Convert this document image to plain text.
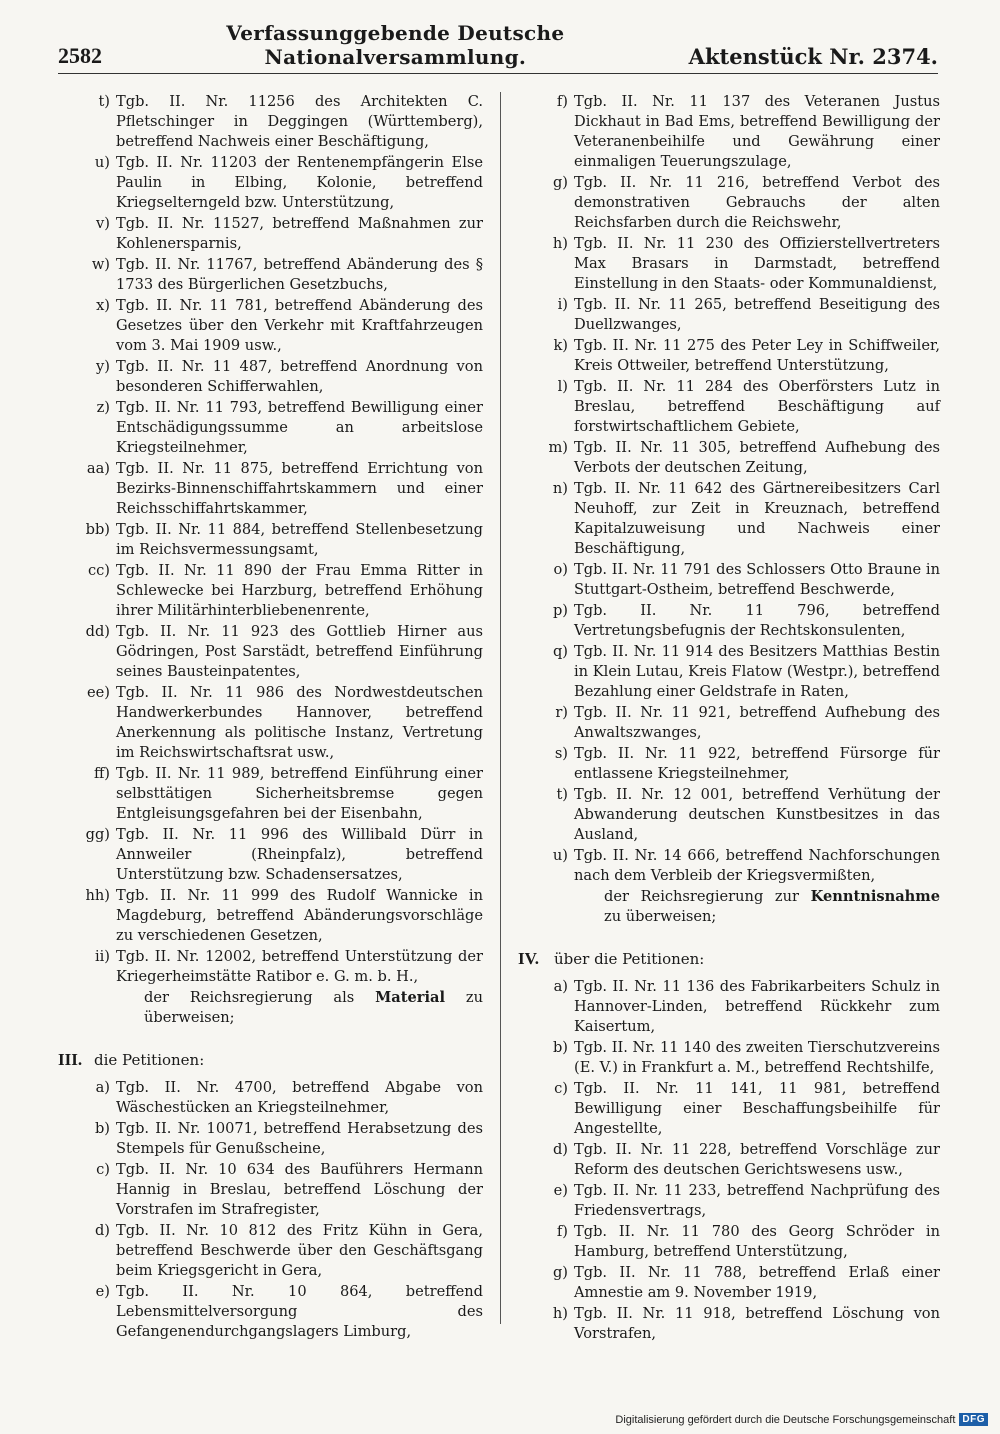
2582
Verfassunggebende Deutsche Nationalversammlung.	Aktenstück Nr. 2374.
t) Tgb. II. Nr. 11256 des Architekten C. Pfletschinger in Deggingen (Württemberg), betreffend Nachweis einer Beschäftigung,
u) Tgb. II. Nr. 11203 der Rentenempfängerin Else Paulin in Elbing, Kolonie, betreffend Kriegselterngeld bzw. Unterstützung,
v) Tgb. II. Nr. 11527, betreffend Maßnahmen zur Kohlenersparnis,
w) Tgb. II. Nr. 11767, betreffend Abänderung des § 1733 des Bürgerlichen Gesetzbuchs,
x) Tgb. II. Nr. 11 781, betreffend Abänderung des Gesetzes über den Verkehr mit Kraftfahrzeugen vom 3. Mai 1909 usw.,
y) Tgb. II. Nr. 11 487, betreffend Anordnung von besonderen Schifferwahlen,
z) Tgb. II. Nr. 11 793, betreffend Bewilligung einer Entschädigungssumme an arbeitslose Kriegsteilnehmer,
aa) Tgb. II. Nr. 11 875, betreffend Errichtung von Bezirks-Binnenschiffahrtskammern und einer Reichsschiffahrtskammer,
bb) Tgb. II. Nr. 11 884, betreffend Stellenbesetzung im Reichsvermessungsamt,
cc) Tgb. II. Nr. 11 890 der Frau Emma Ritter in Schlewecke bei Harzburg, betreffend Erhöhung ihrer Militärhinterbliebenenrente,
dd) Tgb. II. Nr. 11 923 des Gottlieb Hirner aus Gödringen, Post Sarstädt, betreffend Einführung seines Bausteinpatentes,
ee) Tgb. II. Nr. 11 986 des Nordwestdeutschen Handwerkerbundes Hannover, betreffend Anerkennung als politische Instanz, Vertretung im Reichswirtschaftsrat usw.,
ff) Tgb. II. Nr. 11 989, betreffend Einführung einer selbsttätigen Sicherheitsbremse gegen Entgleisungsgefahren bei der Eisenbahn,
gg) Tgb. II. Nr. 11 996 des Willibald Dürr in Annweiler (Rheinpfalz), betreffend Unterstützung bzw. Schadensersatzes,
hh) Tgb. II. Nr. 11 999 des Rudolf Wannicke in Magdeburg, betreffend Abänderungsvorschläge zu verschiedenen Gesetzen,
ii) Tgb. II. Nr. 12002, betreffend Unterstützung der Kriegerheimstätte Ratibor e. G. m. b. H.,
der Reichsregierung als Material zu überweisen;
III. die Petitionen:
a) Tgb. II. Nr. 4700, betreffend Abgabe von Wäschestücken an Kriegsteilnehmer,
b) Tgb. II. Nr. 10071, betreffend Herabsetzung des Stempels für Genußscheine,
c) Tgb. II. Nr. 10 634 des Bauführers Hermann Hannig in Breslau, betreffend Löschung der Vorstrafen im Strafregister,
d) Tgb. II. Nr. 10 812 des Fritz Kühn in Gera, betreffend Beschwerde über den Geschäftsgang beim Kriegsgericht in Gera,
e) Tgb. II. Nr. 10 864, betreffend Lebensmittelversorgung des Gefangenendurchgangslagers Limburg,
f) Tgb. II. Nr. 11 137 des Veteranen Justus Dickhaut in Bad Ems, betreffend Bewilligung der Veteranenbeihilfe und Gewährung einer einmaligen Teuerungszulage,
g) Tgb. II. Nr. 11 216, betreffend Verbot des demonstrativen Gebrauchs der alten Reichsfarben durch die Reichswehr,
h) Tgb. II. Nr. 11 230 des Offizierstellvertreters Max Brasars in Darmstadt, betreffend Einstellung in den Staats- oder Kommunaldienst,
i) Tgb. II. Nr. 11 265, betreffend Beseitigung des Duellzwanges,
k) Tgb. II. Nr. 11 275 des Peter Ley in Schiffweiler, Kreis Ottweiler, betreffend Unterstützung,
l) Tgb. II. Nr. 11 284 des Oberförsters Lutz in Breslau, betreffend Beschäftigung auf forstwirtschaftlichem Gebiete,
m) Tgb. II. Nr. 11 305, betreffend Aufhebung des Verbots der deutschen Zeitung,
n) Tgb. II. Nr. 11 642 des Gärtnereibesitzers Carl Neuhoff, zur Zeit in Kreuznach, betreffend Kapitalzuweisung und Nachweis einer Beschäftigung,
o) Tgb. II. Nr. 11 791 des Schlossers Otto Braune in Stuttgart-Ostheim, betreffend Beschwerde,
p) Tgb. II. Nr. 11 796, betreffend Vertretungsbefugnis der Rechtskonsulenten,
q) Tgb. II. Nr. 11 914 des Besitzers Matthias Bestin in Klein Lutau, Kreis Flatow (Westpr.), betreffend Bezahlung einer Geldstrafe in Raten,
r) Tgb. II. Nr. 11 921, betreffend Aufhebung des Anwaltszwanges,
s) Tgb. II. Nr. 11 922, betreffend Fürsorge für entlassene Kriegsteilnehmer,
t) Tgb. II. Nr. 12 001, betreffend Verhütung der Abwanderung deutschen Kunstbesitzes in das Ausland,
u) Tgb. II. Nr. 14 666, betreffend Nachforschungen nach dem Verbleib der Kriegsvermißten,
der Reichsregierung zur Kenntnisnahme zu überweisen;
IV.	über die Petitionen:
a) Tgb. II. Nr. 11 136 des Fabrikarbeiters Schulz in Hannover-Linden, betreffend Rückkehr zum Kaisertum,
b) Tgb. II. Nr. 11 140 des zweiten Tierschutzvereins (E. V.) in Frankfurt a. M., betreffend Rechtshilfe,
c) Tgb. II. Nr. 11 141, 11 981, betreffend Bewilligung einer Beschaffungsbeihilfe für Angestellte,
d) Tgb. II. Nr. 11 228, betreffend Vorschläge zur Reform des deutschen Gerichtswesens usw.,
e) Tgb. II. Nr. 11 233, betreffend Nachprüfung des Friedensvertrags,
f) Tgb. II. Nr. 11 780 des Georg Schröder in Hamburg, betreffend Unterstützung,
g) Tgb. II. Nr. 11 788, betreffend Erlaß einer Amnestie am 9. November 1919,
h) Tgb. II. Nr. 11 918, betreffend Löschung von Vorstrafen,
Digitalisierung gefördert durch die Deutsche Forschungsgemeinschaft DFG
